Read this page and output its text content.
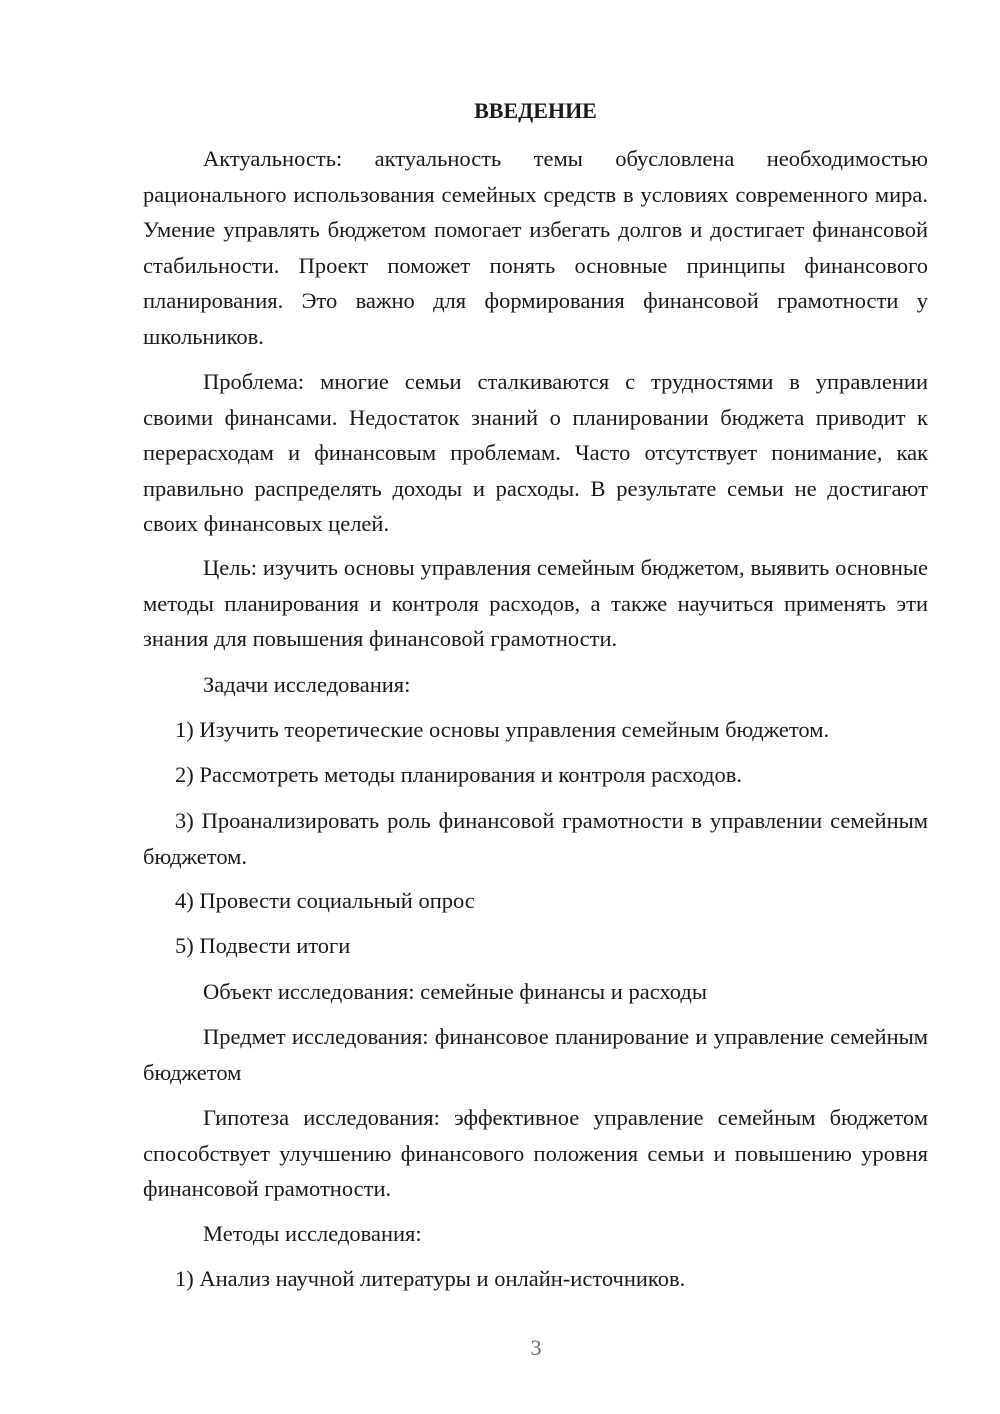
ВВЕДЕНИЕ

Актуальность: актуальность темы обусловлена необходимостью рационального использования семейных средств в условиях современного мира. Умение управлять бюджетом помогает избегать долгов и достигает финансовой стабильности. Проект поможет понять основные принципы финансового планирования. Это важно для формирования финансовой грамотности у школьников.

Проблема: многие семьи сталкиваются с трудностями в управлении своими финансами. Недостаток знаний о планировании бюджета приводит к перерасходам и финансовым проблемам. Часто отсутствует понимание, как правильно распределять доходы и расходы. В результате семьи не достигают своих финансовых целей.

Цель: изучить основы управления семейным бюджетом, выявить основные методы планирования и контроля расходов, а также научиться применять эти знания для повышения финансовой грамотности.

Задачи исследования:

1) Изучить теоретические основы управления семейным бюджетом.

2) Рассмотреть методы планирования и контроля расходов.

3) Проанализировать роль финансовой грамотности в управлении семейным бюджетом.

4) Провести социальный опрос

5) Подвести итоги

Объект исследования: семейные финансы и расходы

Предмет исследования: финансовое планирование и управление семейным бюджетом

Гипотеза исследования: эффективное управление семейным бюджетом способствует улучшению финансового положения семьи и повышению уровня финансовой грамотности.

Методы исследования:

1) Анализ научной литературы и онлайн-источников.

3
